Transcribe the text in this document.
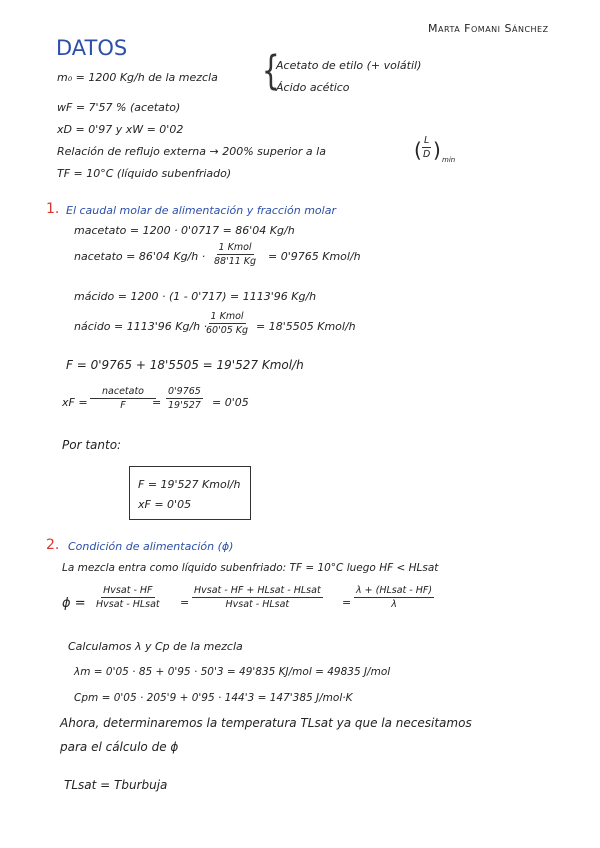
Marta Fomani Sánchez
DATOS
m₀ = 1200 Kg/h de la mezcla {
Acetato de etilo (+ volátil)
Ácido acético
wF = 7'57 % (acetato)
xD = 0'97 y xW = 0'02
Relación de reflujo externa → 200% superior a la	( $\frac{L}{D}$ ) min
TF = 10°C (líquido subenfriado)
1. El caudal molar de alimentación y fracción molar
macetato = 1200 · 0'0717 = 86'04 Kg/h
nacetato = 86'04 Kg/h ·
1 Kmol
88'11 Kg = 0'9765 Kmol/h
mácido = 1200 · (1 - 0'717) = 1113'96 Kg/h
nácido = 1113'96 Kg/h ·
1 Kmol
60'05 Kg = 18'5505 Kmol/h
F = 0'9765 + 18'5505 = 19'527 Kmol/h
xF =
nacetato
$F = \frac{0'9765}{19'527} = 0'05$
Por tanto:
F = 19'527 Kmol/h
xF = 0'05
2. Condición de alimentación (ϕ)
La mezcla entra como líquido subenfriado: TF = 10°C luego HF < HLsat
ϕ =
Hvsat - HF
Hvsat - HLsat =
Hvsat - HF + HLsat - HLsat
Hvsat - HLsat	=
λ + (HLsat - HF)
λ
Calculamos λ y Cp de la mezcla
λm = 0'05 · 85 + 0'95 · 50'3 = 49'835 KJ/mol = 49835 J/mol
Cpm = 0'05 · 205'9 + 0'95 · 144'3 = 147'385 J/mol·K
Ahora, determinaremos la temperatura TLsat ya que la necesitamos
para el cálculo de ϕ
TLsat = Tburbuja
